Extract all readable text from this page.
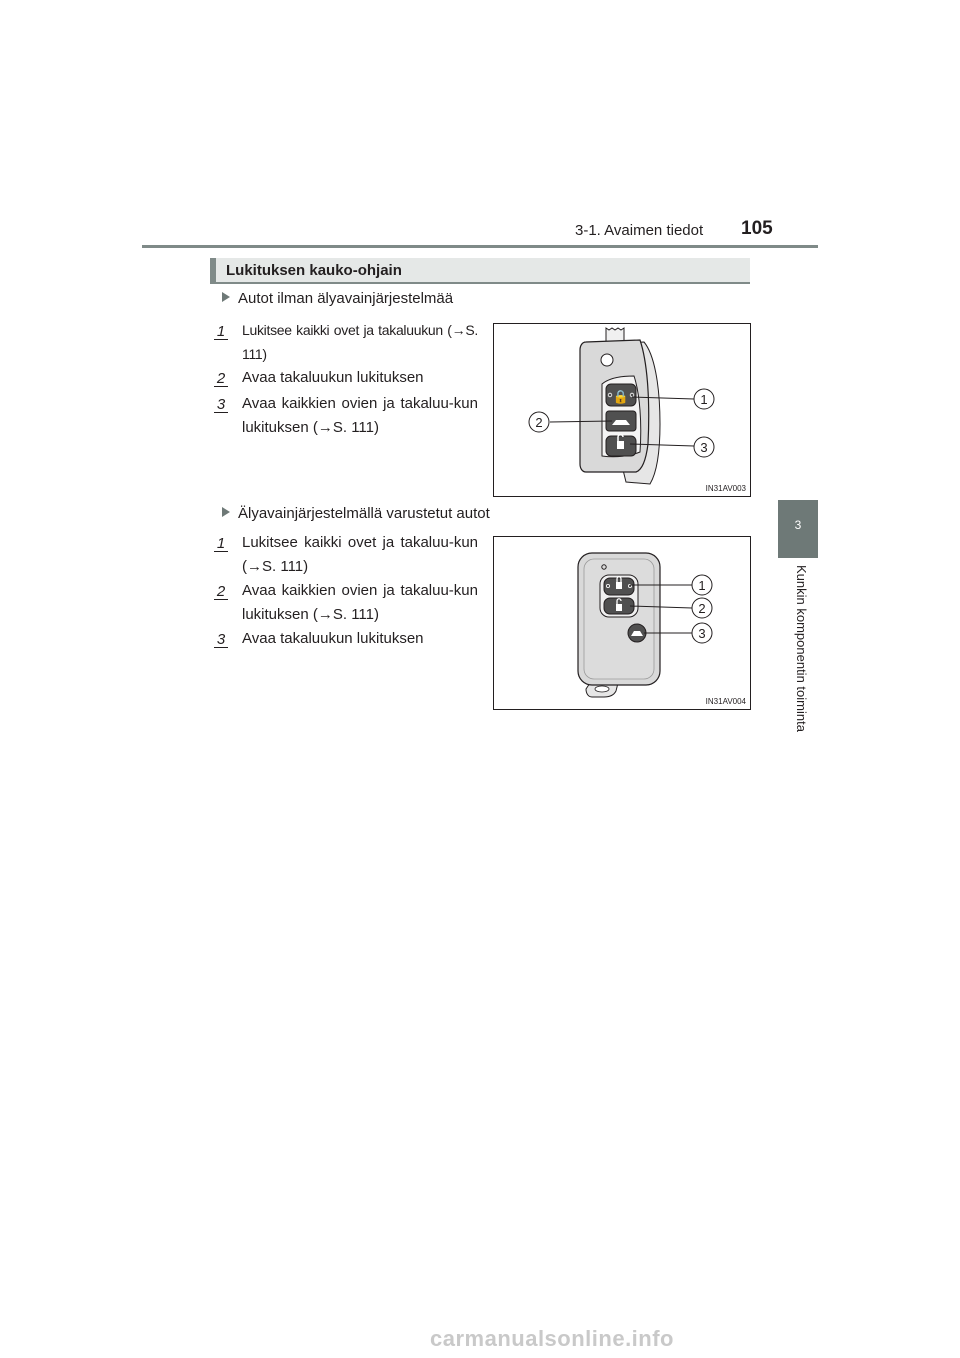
3-1. Avaimen tiedot 105
3
Kunkin komponentin toiminta
Lukituksen kauko-ohjain
Autot ilman älyavainjärjestelmää
1 Lukitsee kaikki ovet ja takaluukun (→S. 111)
2 Avaa takaluukun lukituksen
3 Avaa kaikkien ovien ja takaluu-kun lukituksen (→S. 111)
🔒	1
2
3
IN31AV003
Älyavainjärjestelmällä varustetut autot
1 Lukitsee kaikki ovet ja takaluu-kun (→S. 111)
2 Avaa kaikkien ovien ja takaluu-kun lukituksen (→S. 111)
3 Avaa takaluukun lukituksen
1
2
3
IN31AV004
carmanualsonline.info
